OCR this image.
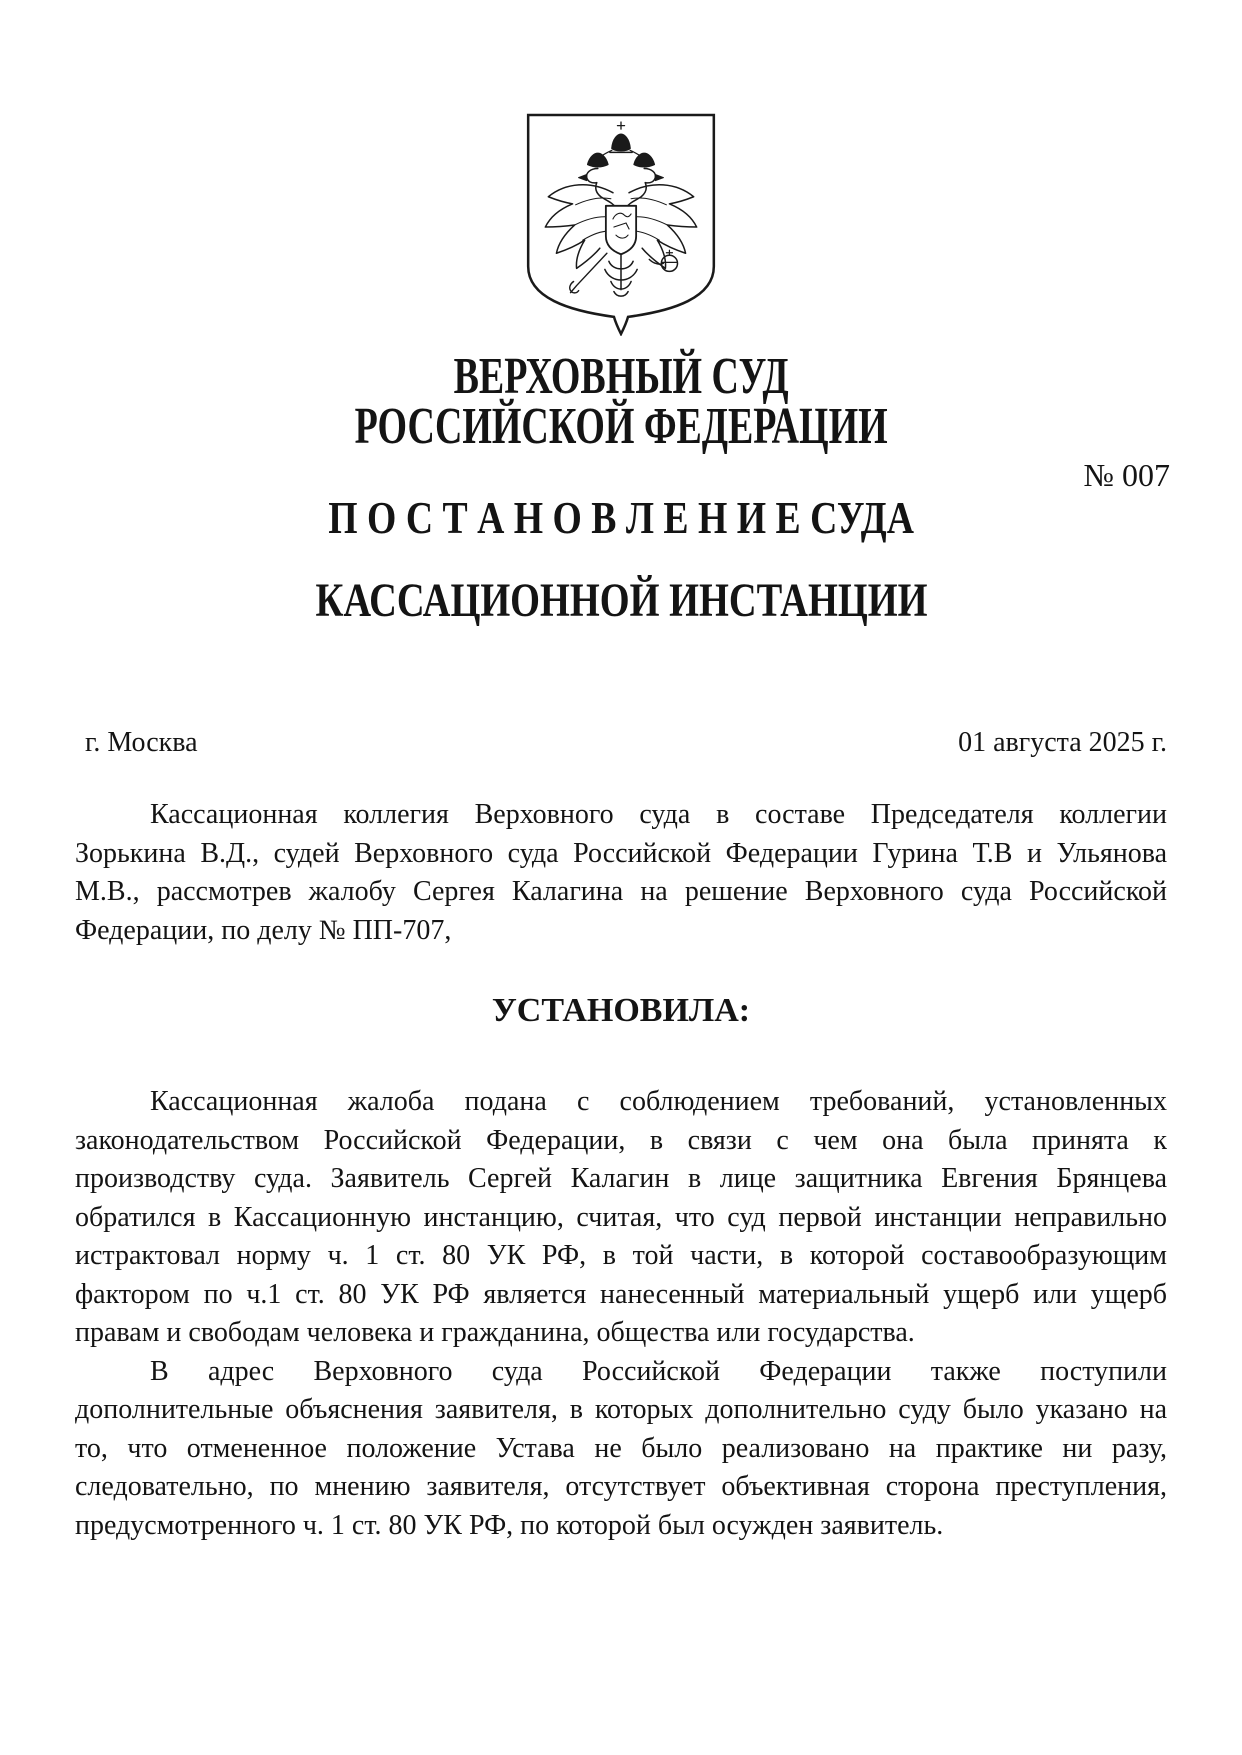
ВЕРХОВНЫЙ СУД
РОССИЙСКОЙ ФЕДЕРАЦИИ
№ 007
П О С Т А Н О В Л Е Н И Е СУДА
КАССАЦИОННОЙ ИНСТАНЦИИ
г. Москва	01 августа 2025 г.
Кассационная коллегия Верховного суда в составе Председателя коллегии
Зорькина В.Д., судей Верховного суда Российской Федерации Гурина Т.В и Ульянова
М.В., рассмотрев жалобу Сергея Калагина на решение Верховного суда Российской
Федерации, по делу № ПП-707,
УСТАНОВИЛА:
Кассационная жалоба подана с соблюдением требований, установленных
законодательством Российской Федерации, в связи с чем она была принята к
производству суда. Заявитель Сергей Калагин в лице защитника Евгения Брянцева
обратился в Кассационную инстанцию, считая, что суд первой инстанции неправильно
истрактовал норму ч. 1 ст. 80 УК РФ, в той части, в которой составообразующим
фактором по ч.1 ст. 80 УК РФ является нанесенный материальный ущерб или ущерб
правам и свободам человека и гражданина, общества или государства.
В адрес Верховного суда Российской Федерации также поступили
дополнительные объяснения заявителя, в которых дополнительно суду было указано на
то, что отмененное положение Устава не было реализовано на практике ни разу,
следовательно, по мнению заявителя, отсутствует объективная сторона преступления,
предусмотренного ч. 1 ст. 80 УК РФ, по которой был осужден заявитель.
